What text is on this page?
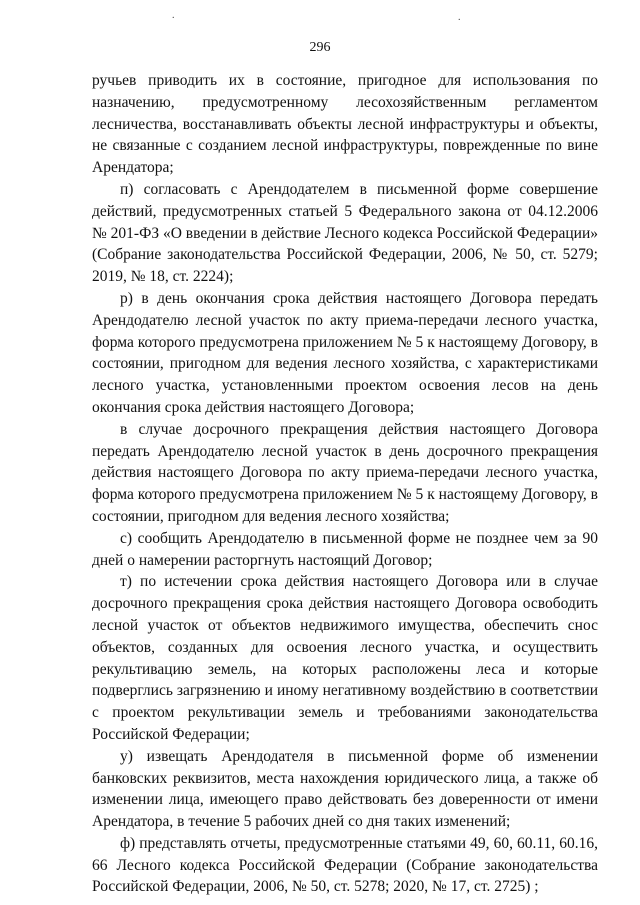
.	.
296

ручьев приводить их в состояние, пригодное для использования по назначению, предусмотренному лесохозяйственным регламентом лесничества, восстанавливать объекты лесной инфраструктуры и объекты, не связанные с созданием лесной инфраструктуры, поврежденные по вине Арендатора;

п) согласовать с Арендодателем в письменной форме совершение действий, предусмотренных статьей 5 Федерального закона от 04.12.2006 № 201-ФЗ «О введении в действие Лесного кодекса Российской Федерации» (Собрание законодательства Российской Федерации, 2006, № 50, ст. 5279; 2019, № 18, ст. 2224);

р) в день окончания срока действия настоящего Договора передать Арендодателю лесной участок по акту приема-передачи лесного участка, форма которого предусмотрена приложением № 5 к настоящему Договору, в состоянии, пригодном для ведения лесного хозяйства, с характеристиками лесного участка, установленными проектом освоения лесов на день окончания срока действия настоящего Договора;

в случае досрочного прекращения действия настоящего Договора передать Арендодателю лесной участок в день досрочного прекращения действия настоящего Договора по акту приема-передачи лесного участка, форма которого предусмотрена приложением № 5 к настоящему Договору, в состоянии, пригодном для ведения лесного хозяйства;

с) сообщить Арендодателю в письменной форме не позднее чем за 90 дней о намерении расторгнуть настоящий Договор;

т) по истечении срока действия настоящего Договора или в случае досрочного прекращения срока действия настоящего Договора освободить лесной участок от объектов недвижимого имущества, обеспечить снос объектов, созданных для освоения лесного участка, и осуществить рекультивацию земель, на которых расположены леса и которые подверглись загрязнению и иному негативному воздействию в соответствии с проектом рекультивации земель и требованиями законодательства Российской Федерации;

у) извещать Арендодателя в письменной форме об изменении банковских реквизитов, места нахождения юридического лица, а также об изменении лица, имеющего право действовать без доверенности от имени Арендатора, в течение 5 рабочих дней со дня таких изменений;

ф) представлять отчеты, предусмотренные статьями 49, 60, 60.11, 60.16, 66 Лесного кодекса Российской Федерации (Собрание законодательства Российской Федерации, 2006, № 50, ст. 5278; 2020, № 17, ст. 2725) ;
